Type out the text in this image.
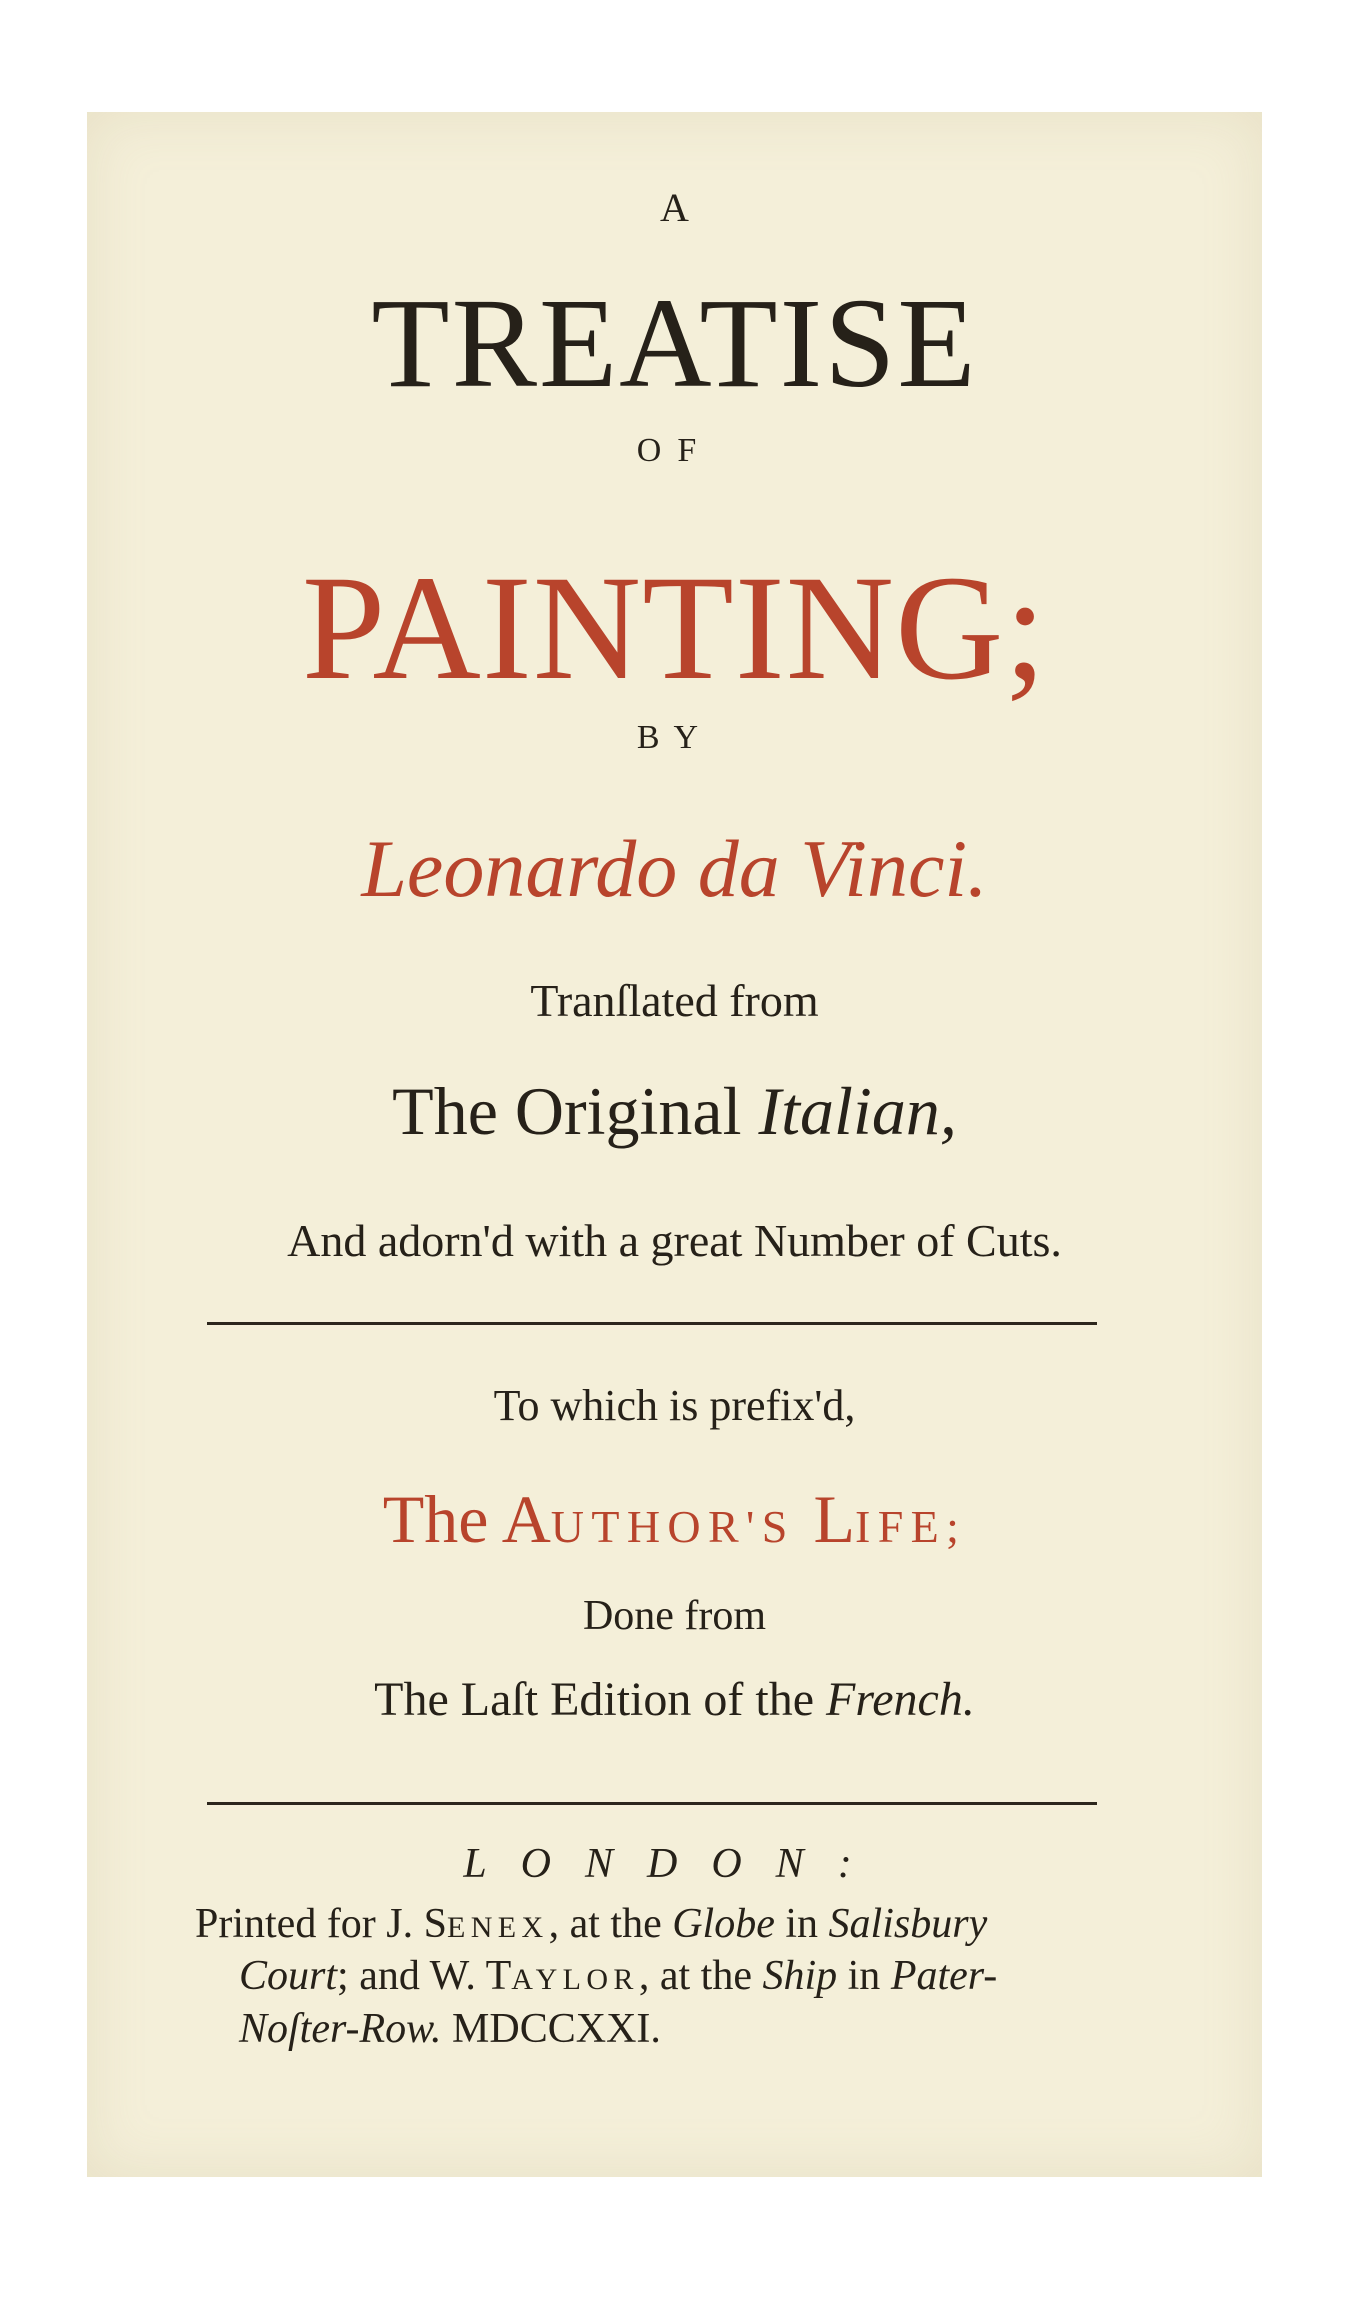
A
TREATISE
OF
PAINTING;
BY
Leonardo da Vinci.
Tranſlated from
The Original Italian,
And adorn'd with a great Number of Cuts.
To which is prefix'd,
The AUTHOR'S LIFE;
Done from
The Laſt Edition of the French.
LONDON:
Printed for J. SENEX, at the Globe in Salisbury
Court; and W. TAYLOR, at the Ship in Pater-
Noſter-Row. MDCCXXI.
